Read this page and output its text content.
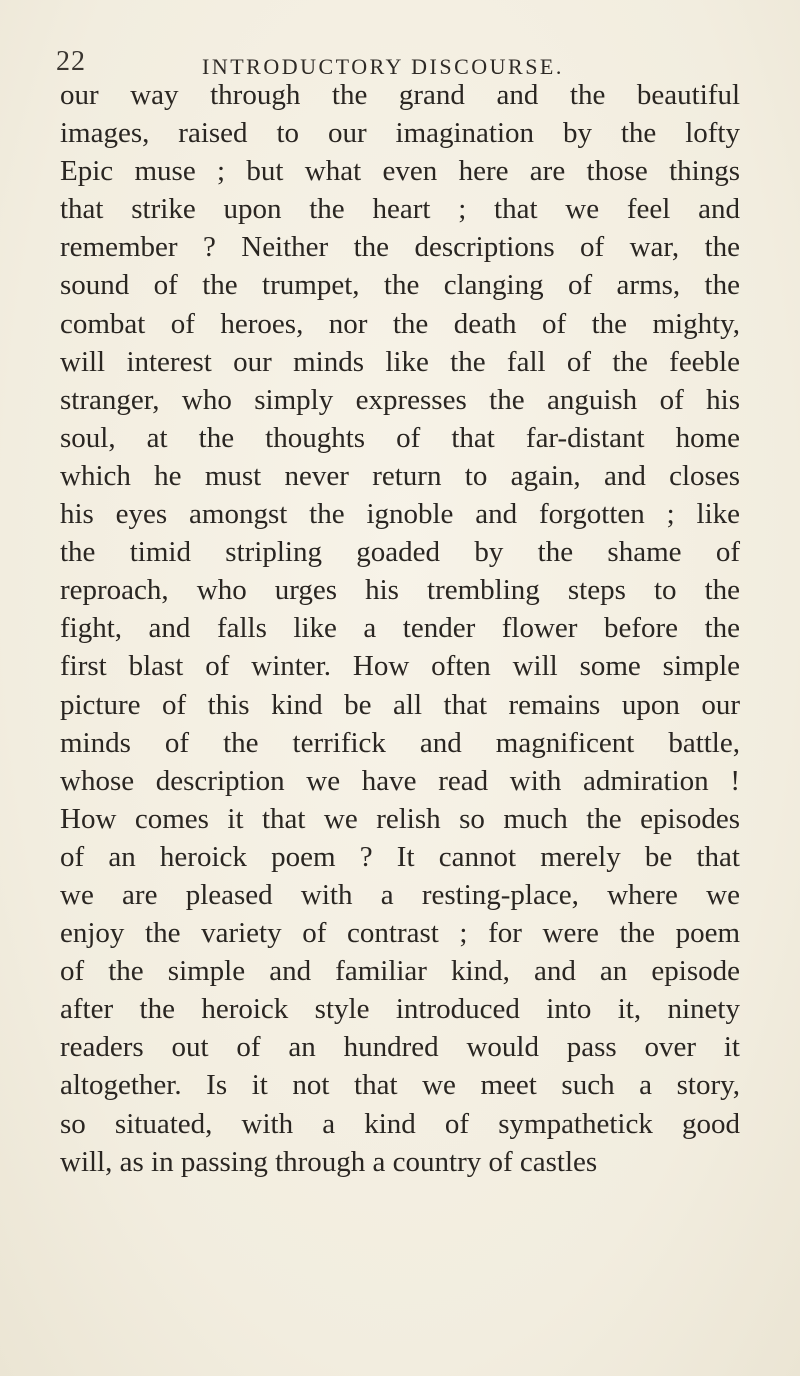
22	INTRODUCTORY DISCOURSE.
our way through the grand and the beautiful
images, raised to our imagination by the lofty
Epic muse ; but what even here are those things
that strike upon the heart ; that we feel and
remember ? Neither the descriptions of war, the
sound of the trumpet, the clanging of arms, the
combat of heroes, nor the death of the mighty,
will interest our minds like the fall of the feeble
stranger, who simply expresses the anguish of his
soul, at the thoughts of that far-distant home
which he must never return to again, and closes
his eyes amongst the ignoble and forgotten ; like
the timid stripling goaded by the shame of
reproach, who urges his trembling steps to the
fight, and falls like a tender flower before the
first blast of winter. How often will some simple
picture of this kind be all that remains upon our
minds of the terrifick and magnificent battle,
whose description we have read with admiration !
How comes it that we relish so much the episodes
of an heroick poem ? It cannot merely be that
we are pleased with a resting-place, where we
enjoy the variety of contrast ; for were the poem
of the simple and familiar kind, and an episode
after the heroick style introduced into it, ninety
readers out of an hundred would pass over it
altogether. Is it not that we meet such a story,
so situated, with a kind of sympathetick good
will, as in passing through a country of castles
